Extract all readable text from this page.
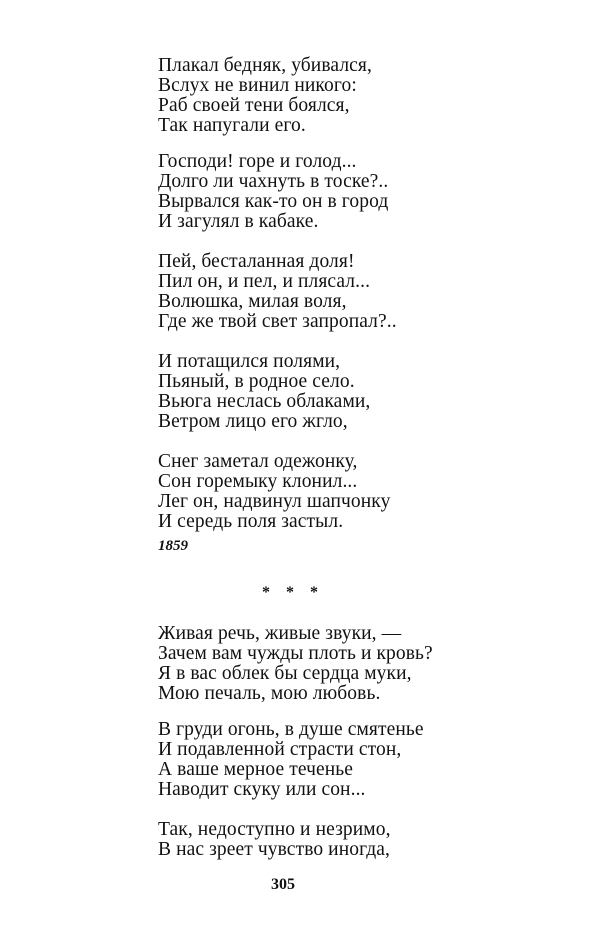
Плакал бедняк, убивался,
Вслух не винил никого:
Раб своей тени боялся,
Так напугали его.
Господи! горе и голод...
Долго ли чахнуть в тоске?..
Вырвался как-то он в город
И загулял в кабаке.
Пей, бесталанная доля!
Пил он, и пел, и плясал...
Волюшка, милая воля,
Где же твой свет запропал?..
И потащился полями,
Пьяный, в родное село.
Вьюга неслась облаками,
Ветром лицо его жгло,
Снег заметал одежонку,
Сон горемыку клонил...
Лег он, надвинул шапчонку
И середь поля застыл.
1859
* * *
Живая речь, живые звуки, —
Зачем вам чужды плоть и кровь?
Я в вас облек бы сердца муки,
Мою печаль, мою любовь.
В груди огонь, в душе смятенье
И подавленной страсти стон,
А ваше мерное теченье
Наводит скуку или сон...
Так, недоступно и незримо,
В нас зреет чувство иногда,
305
